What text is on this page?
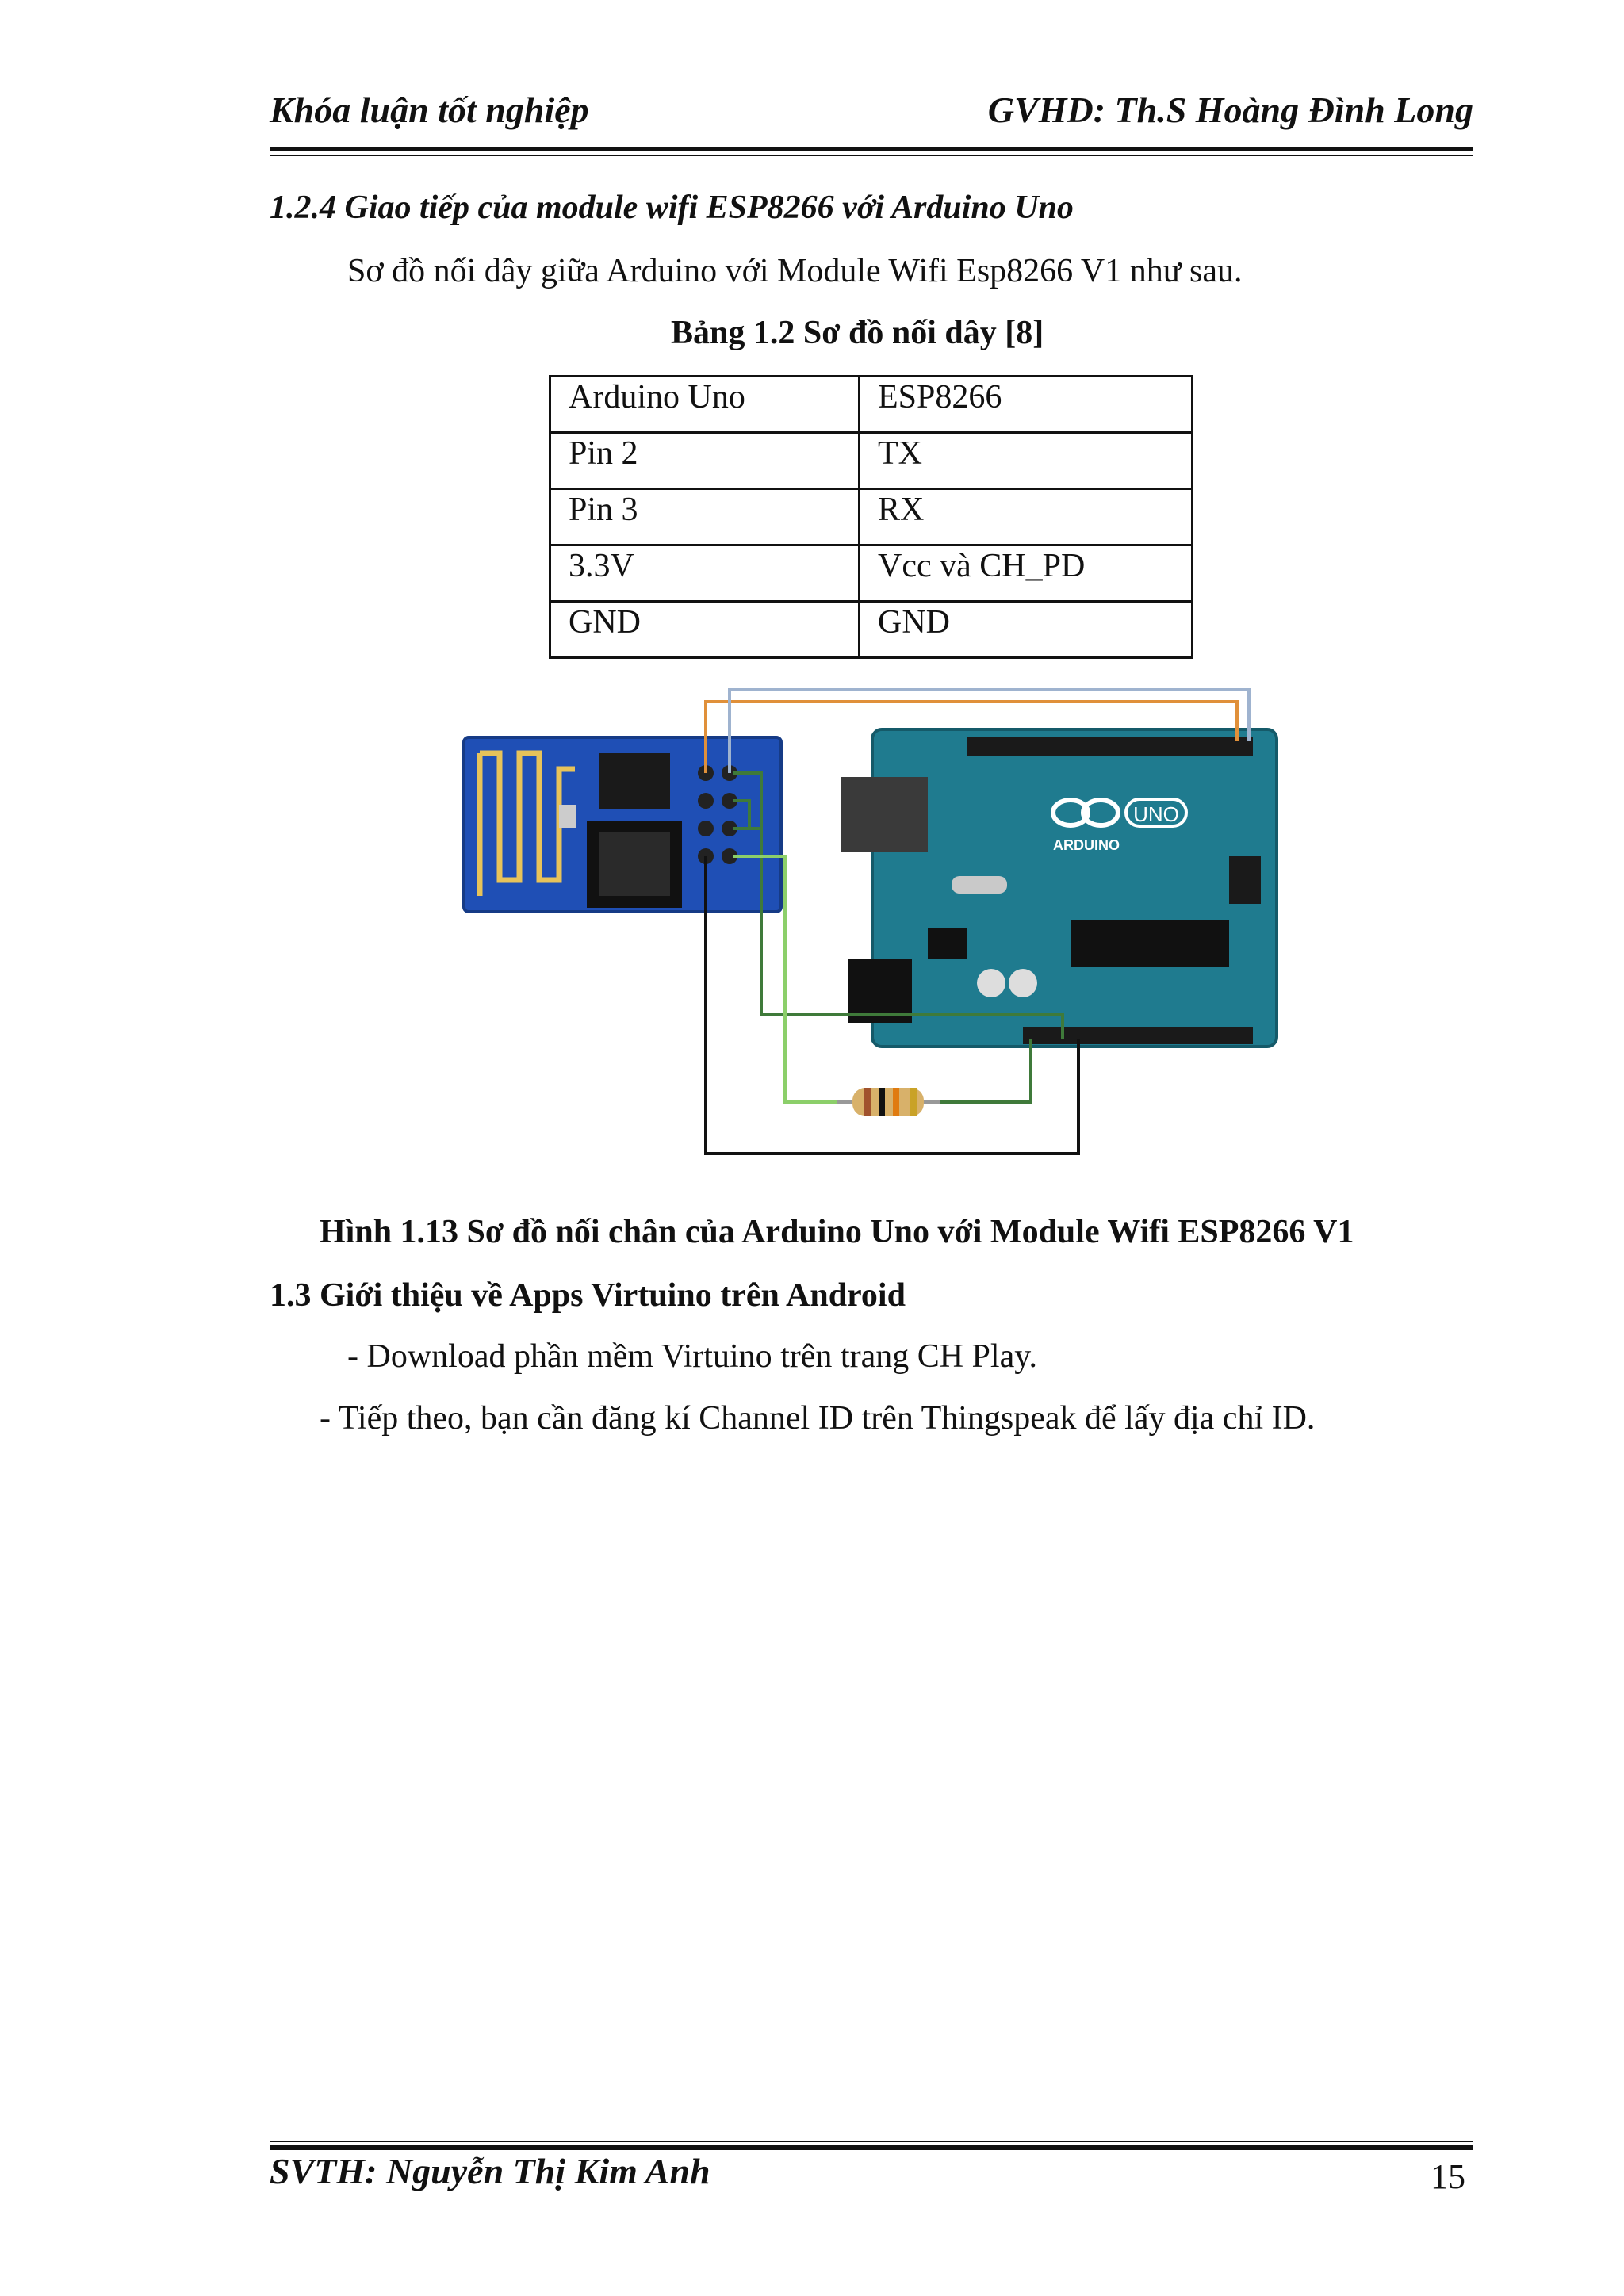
Khóa luận tốt nghiệp	GVHD: Th.S Hoàng Đình Long
1.2.4 Giao tiếp của module wifi ESP8266 với Arduino Uno
Sơ đồ nối dây giữa Arduino với Module Wifi Esp8266 V1 như sau.
Bảng 1.2 Sơ đồ nối dây [8]
Arduino Uno	ESP8266
Pin 2	TX
Pin 3	RX
3.3V	Vcc và CH_PD
GND	GND
UNO
ARDUINO
Hình 1.13 Sơ đồ nối chân của Arduino Uno với Module Wifi ESP8266 V1
1.3 Giới thiệu về Apps Virtuino trên Android
- Download phần mềm Virtuino trên trang CH Play.
- Tiếp theo, bạn cần đăng kí Channel ID trên Thingspeak để lấy địa chỉ ID.
SVTH: Nguyễn Thị Kim Anh	15
